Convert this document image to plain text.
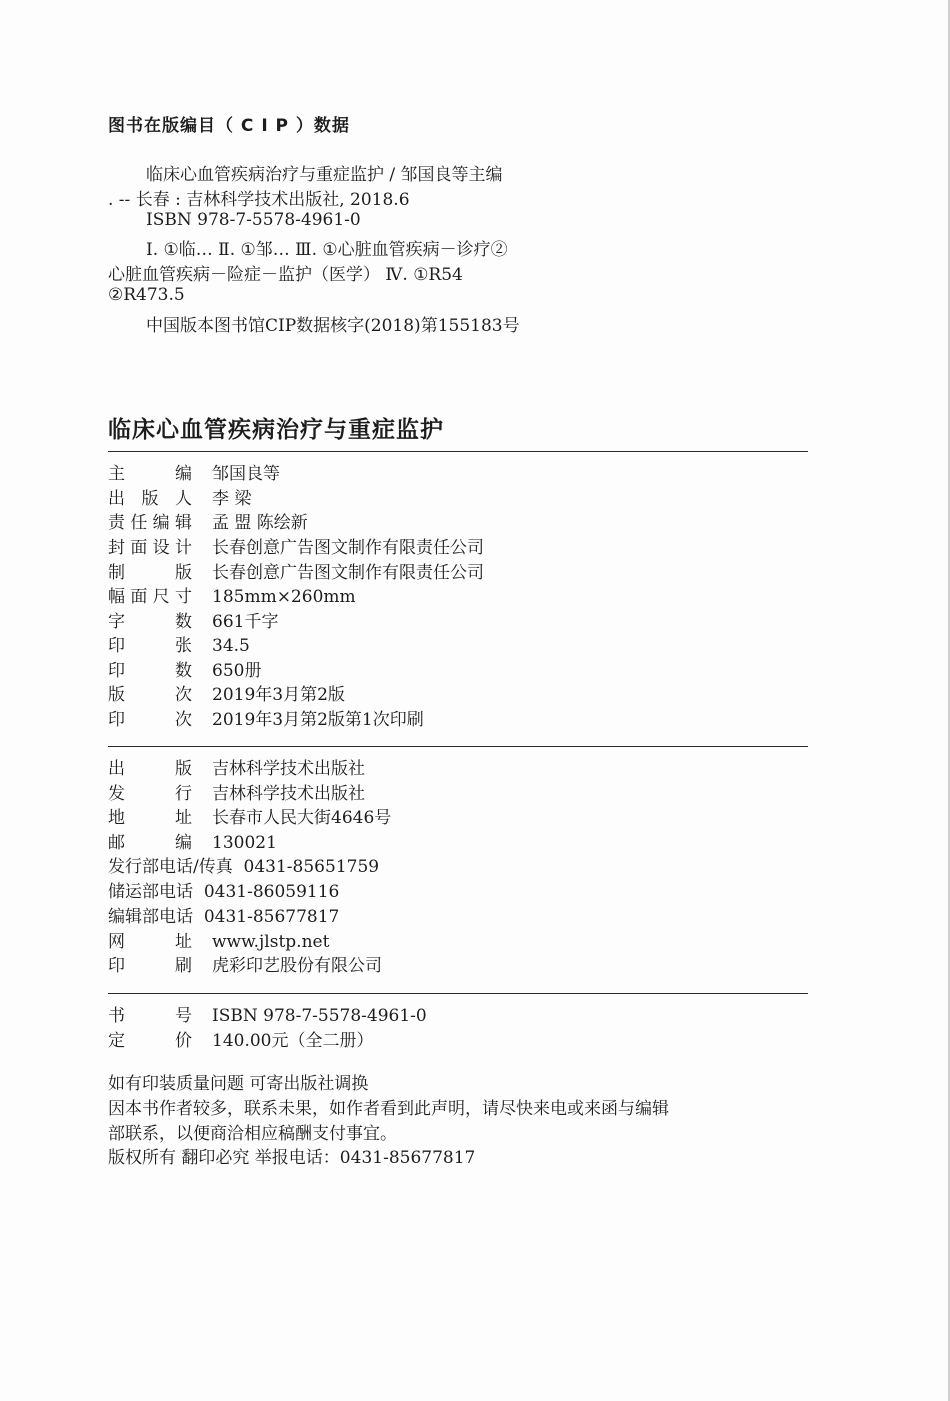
图书在版编目（ C I P ）数据
临床心血管疾病治疗与重症监护 / 邹国良等主编
. -- 长春 : 吉林科学技术出版社, 2018.6
ISBN 978-7-5578-4961-0
Ⅰ. ①临… Ⅱ. ①邹… Ⅲ. ①心脏血管疾病－诊疗②
心脏血管疾病－险症－监护（医学） Ⅳ. ①R54
②R473.5
中国版本图书馆CIP数据核字(2018)第155183号
临床心血管疾病治疗与重症监护
主编 邹国良等
出版人 李 梁
责任编辑 孟 盟 陈绘新
封面设计 长春创意广告图文制作有限责任公司
制版 长春创意广告图文制作有限责任公司
幅面尺寸 185mm×260mm
字数 661千字
印张 34.5
印数 650册
版次 2019年3月第2版
印次 2019年3月第2版第1次印刷
出版 吉林科学技术出版社
发行 吉林科学技术出版社
地址 长春市人民大街4646号
邮编 130021
发行部电话/传真 0431-85651759
储运部电话 0431-86059116
编辑部电话 0431-85677817
网址 www.jlstp.net
印刷 虎彩印艺股份有限公司
书号 ISBN 978-7-5578-4961-0
定价 140.00元（全二册）
如有印装质量问题 可寄出版社调换
因本书作者较多，联系未果，如作者看到此声明，请尽快来电或来函与编辑
部联系，以便商洽相应稿酬支付事宜。
版权所有 翻印必究 举报电话：0431-85677817
